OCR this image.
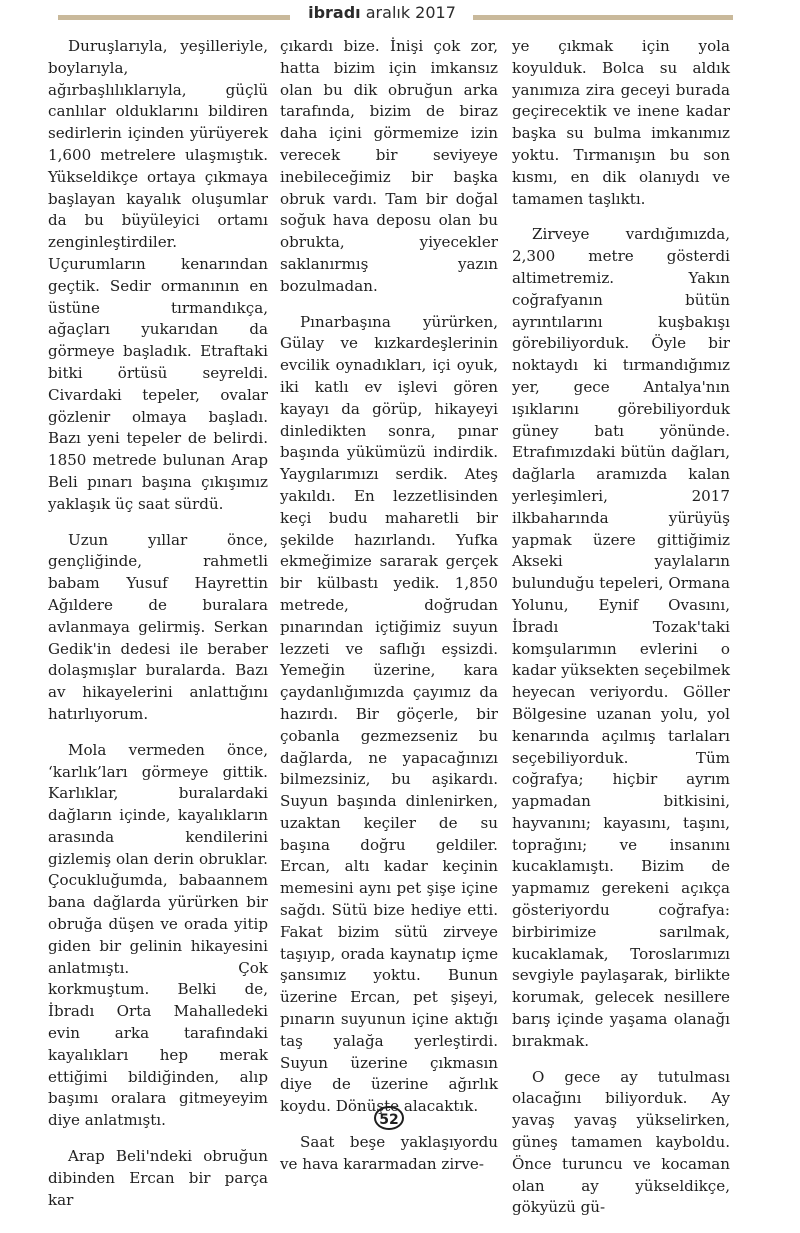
ibradı aralık 2017

Duruşlarıyla, yeşilleriyle, boylarıyla, ağırbaşlılıklarıyla, güçlü canlılar olduklarını bildiren sedirlerin içinden yürüyerek 1,600 metrelere ulaşmıştık. Yükseldikçe ortaya çıkmaya başlayan kayalık oluşumlar da bu büyüleyici ortamı zenginleştirdiler. Uçurumların kenarından geçtik. Sedir ormanının en üstüne tırmandıkça, ağaçları yukarıdan da görmeye başladık. Etraftaki bitki örtüsü seyreldi. Civardaki tepeler, ovalar gözlenir olmaya başladı. Bazı yeni tepeler de belirdi. 1850 metrede bulunan Arap Beli pınarı başına çıkışımız yaklaşık üç saat sürdü.

Uzun yıllar önce, gençliğinde, rahmetli babam Yusuf Hayrettin Ağıldere de buralara avlanmaya gelirmiş. Serkan Gedik'in dedesi ile beraber dolaşmışlar buralarda. Bazı av hikayelerini anlattığını hatırlıyorum.

Mola vermeden önce, ‘karlık’ları görmeye gittik. Karlıklar, buralardaki dağların içinde, kayalıkların arasında kendilerini gizlemiş olan derin obruklar. Çocukluğumda, babaannem bana dağlarda yürürken bir obruğa düşen ve orada yitip giden bir gelinin hikayesini anlatmıştı. Çok korkmuştum. Belki de, İbradı Orta Mahalledeki evin arka tarafındaki kayalıkları hep merak ettiğimi bildiğinden, alıp başımı oralara gitmeyeyim diye anlatmıştı.

Arap Beli'ndeki obruğun dibinden Ercan bir parça kar

çıkardı bize. İnişi çok zor, hatta bizim için imkansız olan bu dik obruğun arka tarafında, bizim de biraz daha içini görmemize izin verecek bir seviyeye inebileceğimiz bir başka obruk vardı. Tam bir doğal soğuk hava deposu olan bu obrukta, yiyecekler saklanırmış yazın bozulmadan.

Pınarbaşına yürürken, Gülay ve kızkardeşlerinin evcilik oynadıkları, içi oyuk, iki katlı ev işlevi gören kayayı da görüp, hikayeyi dinledikten sonra, pınar başında yükümüzü indirdik. Yaygılarımızı serdik. Ateş yakıldı. En lezzetlisinden keçi budu maharetli bir şekilde hazırlandı. Yufka ekmeğimize sararak gerçek bir külbastı yedik. 1,850 metrede, doğrudan pınarından içtiğimiz suyun lezzeti ve saflığı eşsizdi. Yemeğin üzerine, kara çaydanlığımızda çayımız da hazırdı. Bir göçerle, bir çobanla gezmezseniz bu dağlarda, ne yapacağınızı bilmezsiniz, bu aşikardı. Suyun başında dinlenirken, uzaktan keçiler de su başına doğru geldiler. Ercan, altı kadar keçinin memesini aynı pet şişe içine sağdı. Sütü bize hediye etti. Fakat bizim sütü zirveye taşıyıp, orada kaynatıp içme şansımız yoktu. Bunun üzerine Ercan, pet şişeyi, pınarın suyunun içine aktığı taş yalağa yerleştirdi. Suyun üzerine çıkmasın diye de üzerine ağırlık koydu. Dönüşte alacaktık.

Saat beşe yaklaşıyordu ve hava kararmadan zirve-

ye çıkmak için yola koyulduk. Bolca su aldık yanımıza zira geceyi burada geçirecektik ve inene kadar başka su bulma imkanımız yoktu. Tırmanışın bu son kısmı, en dik olanıydı ve tamamen taşlıktı.

Zirveye vardığımızda, 2,300 metre gösterdi altimetremiz. Yakın coğrafyanın bütün ayrıntılarını kuşbakışı görebiliyorduk. Öyle bir noktaydı ki tırmandığımız yer, gece Antalya'nın ışıklarını görebiliyorduk güney batı yönünde. Etrafımızdaki bütün dağları, dağlarla aramızda kalan yerleşimleri, 2017 ilkbaharında yürüyüş yapmak üzere gittiğimiz Akseki yaylaların bulunduğu tepeleri, Ormana Yolunu, Eynif Ovasını, İbradı Tozak'taki komşularımın evlerini o kadar yüksekten seçebilmek heyecan veriyordu. Göller Bölgesine uzanan yolu, yol kenarında açılmış tarlaları seçebiliyorduk. Tüm coğrafya; hiçbir ayrım yapmadan bitkisini, hayvanını; kayasını, taşını, toprağını; ve insanını kucaklamıştı. Bizim de yapmamız gerekeni açıkça gösteriyordu coğrafya: birbirimize sarılmak, kucaklamak, Toroslarımızı sevgiyle paylaşarak, birlikte korumak, gelecek nesillere barış içinde yaşama olanağı bırakmak.

O gece ay tutulması olacağını biliyorduk. Ay yavaş yavaş yükselirken, güneş tamamen kayboldu. Önce turuncu ve kocaman olan ay yükseldikçe, gökyüzü gü-

52
